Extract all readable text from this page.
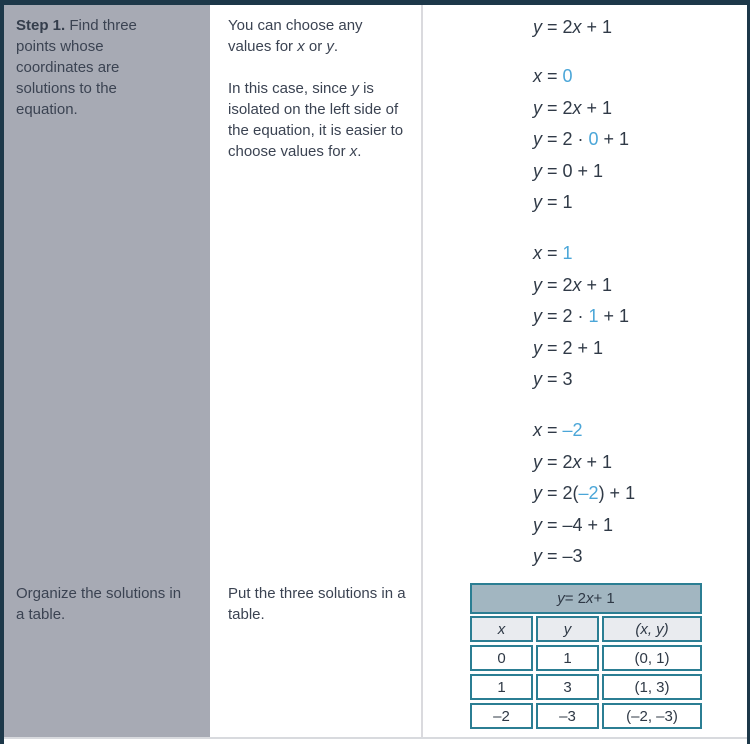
Step 1. Find three points whose coordinates are solutions to the equation.

Organize the solutions in a table.

You can choose any values for x or y.

In this case, since y is isolated on the left side of the equation, it is easier to choose values for x.

Put the three solutions in a table.

y = 2x + 1
x = 0
y = 2x + 1
y = 2 · 0 + 1
y = 0 + 1
y = 1
x = 1
y = 2x + 1
y = 2 · 1 + 1
y = 2 + 1
y = 3
x = –2
y = 2x + 1
y = 2(–2) + 1
y = –4 + 1
y = –3
y = 2 x + 1
x	y	(x, y)
0	1	(0, 1)
1	3	(1, 3)
–2	–3	(–2, –3)
